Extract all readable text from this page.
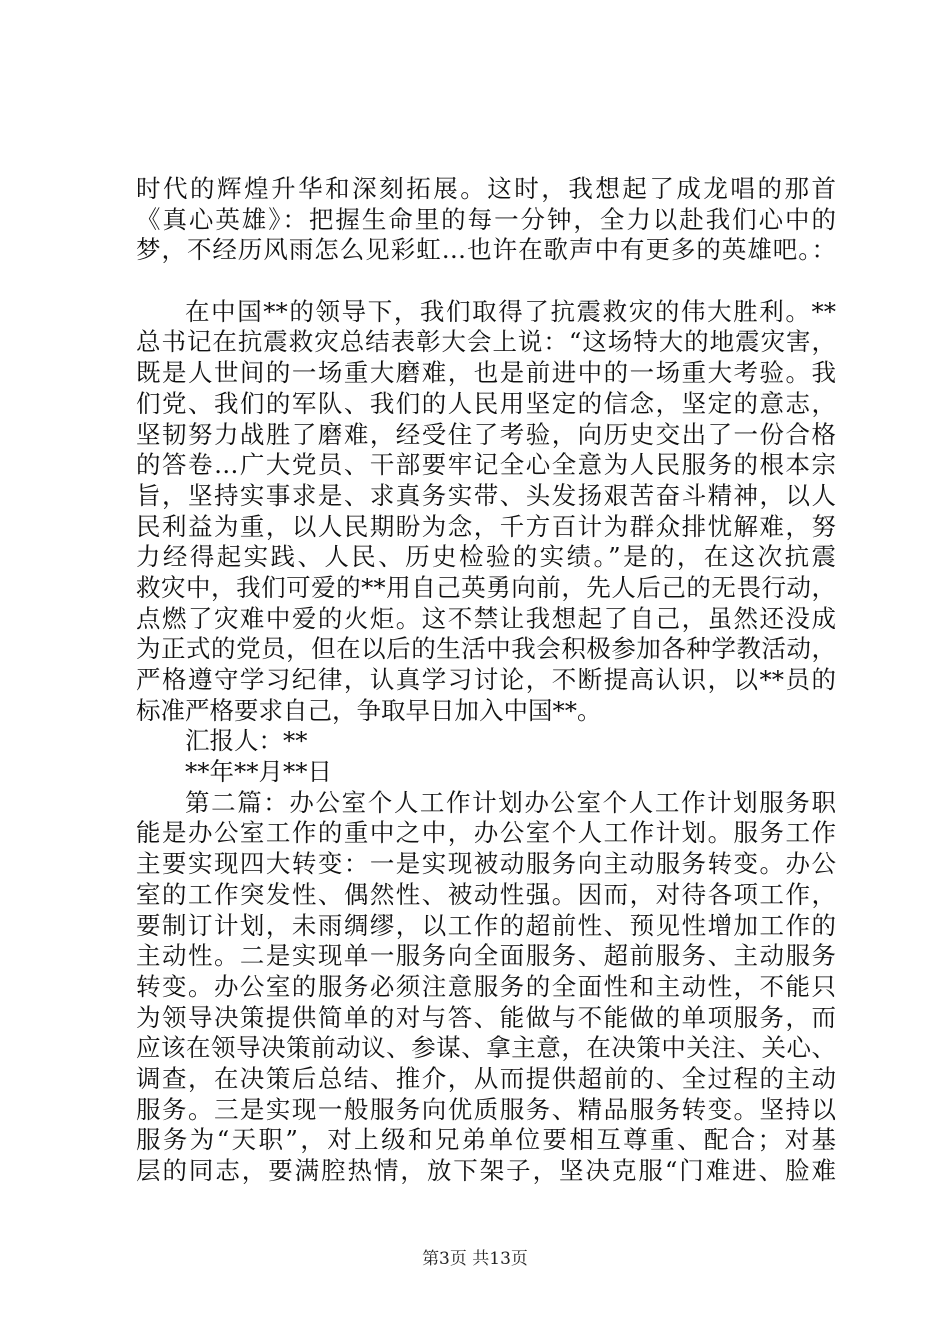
时代的辉煌升华和深刻拓展。这时，我想起了成龙唱的那首
《真心英雄》：把握生命里的每一分钟，全力以赴我们心中的
梦，不经历风雨怎么见彩虹…也许在歌声中有更多的英雄吧。：
在中国**的领导下，我们取得了抗震救灾的伟大胜利。**
总书记在抗震救灾总结表彰大会上说：“这场特大的地震灾害，
既是人世间的一场重大磨难，也是前进中的一场重大考验。我
们党、我们的军队、我们的人民用坚定的信念，坚定的意志，
坚韧努力战胜了磨难，经受住了考验，向历史交出了一份合格
的答卷…广大党员、干部要牢记全心全意为人民服务的根本宗
旨，坚持实事求是、求真务实带、头发扬艰苦奋斗精神，以人
民利益为重，以人民期盼为念，千方百计为群众排忧解难，努
力经得起实践、人民、历史检验的实绩。”是的，在这次抗震
救灾中，我们可爱的**用自己英勇向前，先人后己的无畏行动，
点燃了灾难中爱的火炬。这不禁让我想起了自己，虽然还没成
为正式的党员，但在以后的生活中我会积极参加各种学教活动，
严格遵守学习纪律，认真学习讨论，不断提高认识，以**员的
标准严格要求自己，争取早日加入中国**。
汇报人：**
**年**月**日
第二篇：办公室个人工作计划办公室个人工作计划服务职
能是办公室工作的重中之中，办公室个人工作计划。服务工作
主要实现四大转变：一是实现被动服务向主动服务转变。办公
室的工作突发性、偶然性、被动性强。因而，对待各项工作，
要制订计划，未雨绸缪，以工作的超前性、预见性增加工作的
主动性。二是实现单一服务向全面服务、超前服务、主动服务
转变。办公室的服务必须注意服务的全面性和主动性，不能只
为领导决策提供简单的对与答、能做与不能做的单项服务，而
应该在领导决策前动议、参谋、拿主意，在决策中关注、关心、
调查，在决策后总结、推介，从而提供超前的、全过程的主动
服务。三是实现一般服务向优质服务、精品服务转变。坚持以
服务为“天职”，对上级和兄弟单位要相互尊重、配合；对基
层的同志，要满腔热情，放下架子，坚决克服“门难进、脸难
第3页 共13页
